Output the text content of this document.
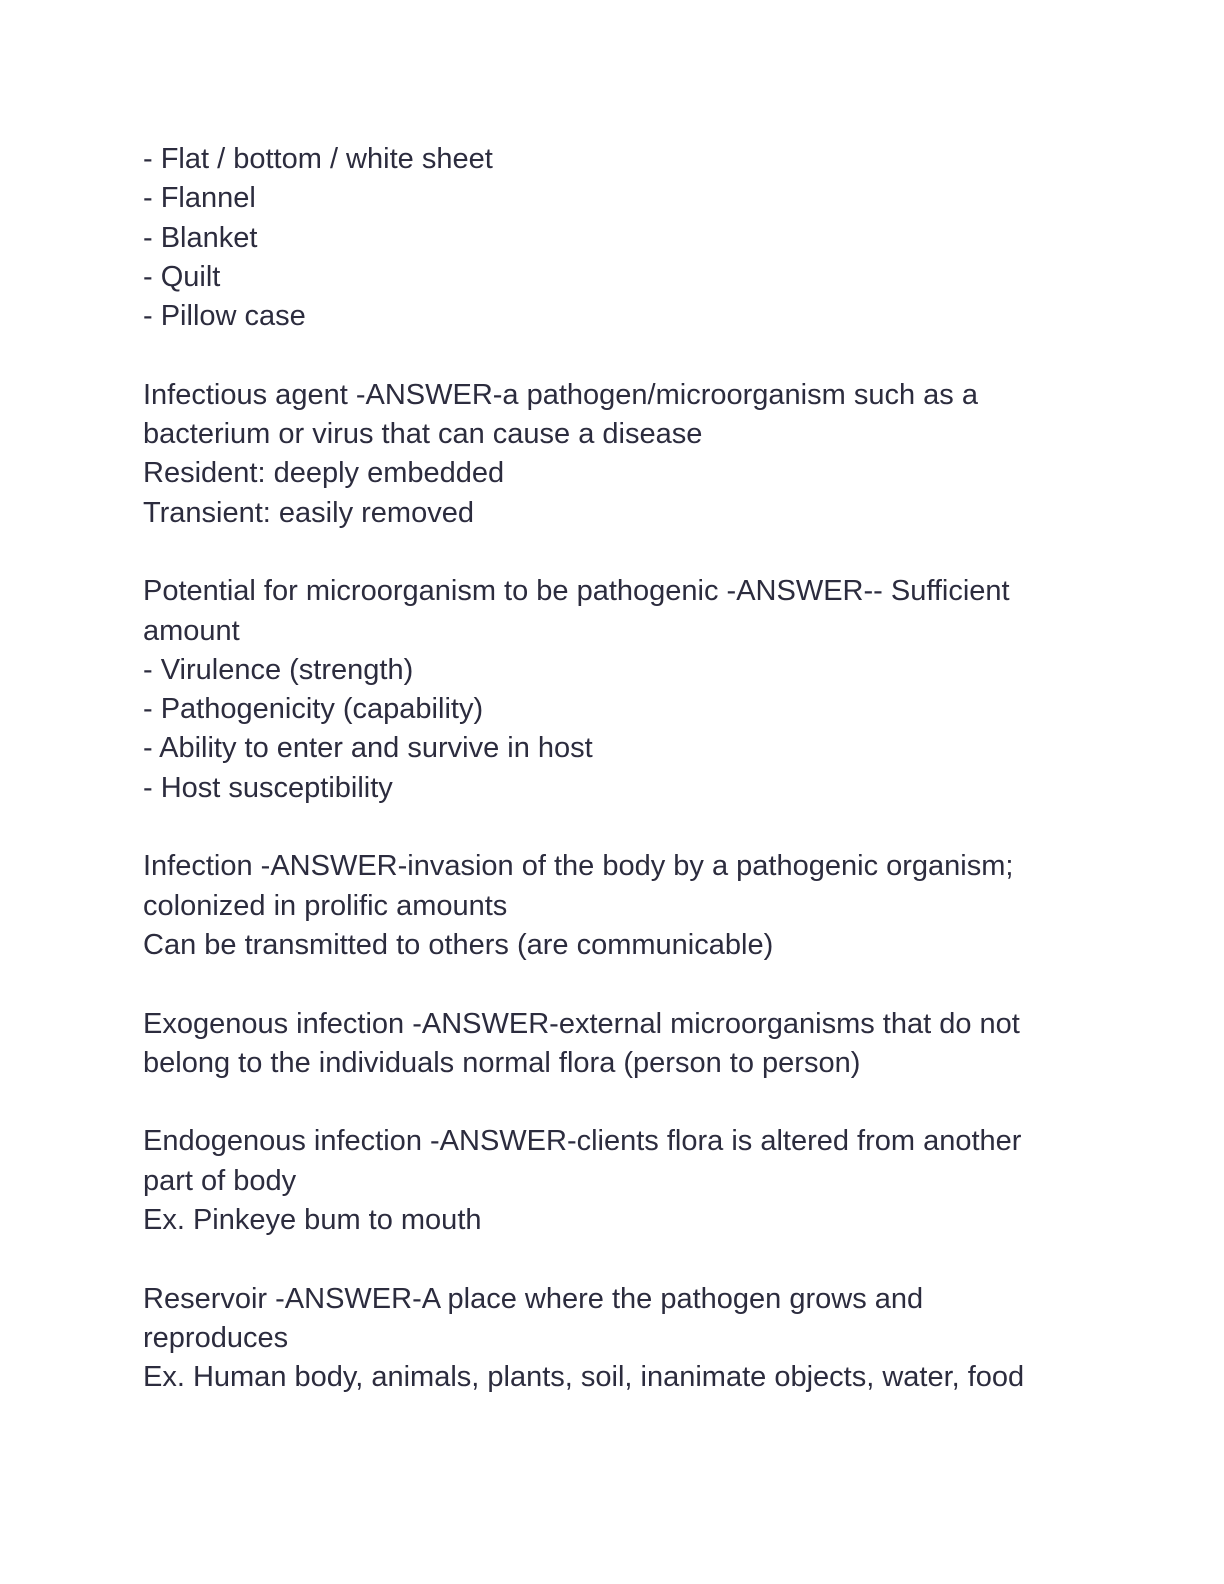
- Flat / bottom / white sheet
- Flannel
- Blanket
- Quilt
- Pillow case
Infectious agent -ANSWER-a pathogen/microorganism such as a
bacterium or virus that can cause a disease
Resident: deeply embedded
Transient: easily removed
Potential for microorganism to be pathogenic -ANSWER-- Sufficient
amount
- Virulence (strength)
- Pathogenicity (capability)
- Ability to enter and survive in host
- Host susceptibility
Infection -ANSWER-invasion of the body by a pathogenic organism;
colonized in prolific amounts
Can be transmitted to others (are communicable)
Exogenous infection -ANSWER-external microorganisms that do not
belong to the individuals normal flora (person to person)
Endogenous infection -ANSWER-clients flora is altered from another
part of body
Ex. Pinkeye bum to mouth
Reservoir -ANSWER-A place where the pathogen grows and
reproduces
Ex. Human body, animals, plants, soil, inanimate objects, water, food
